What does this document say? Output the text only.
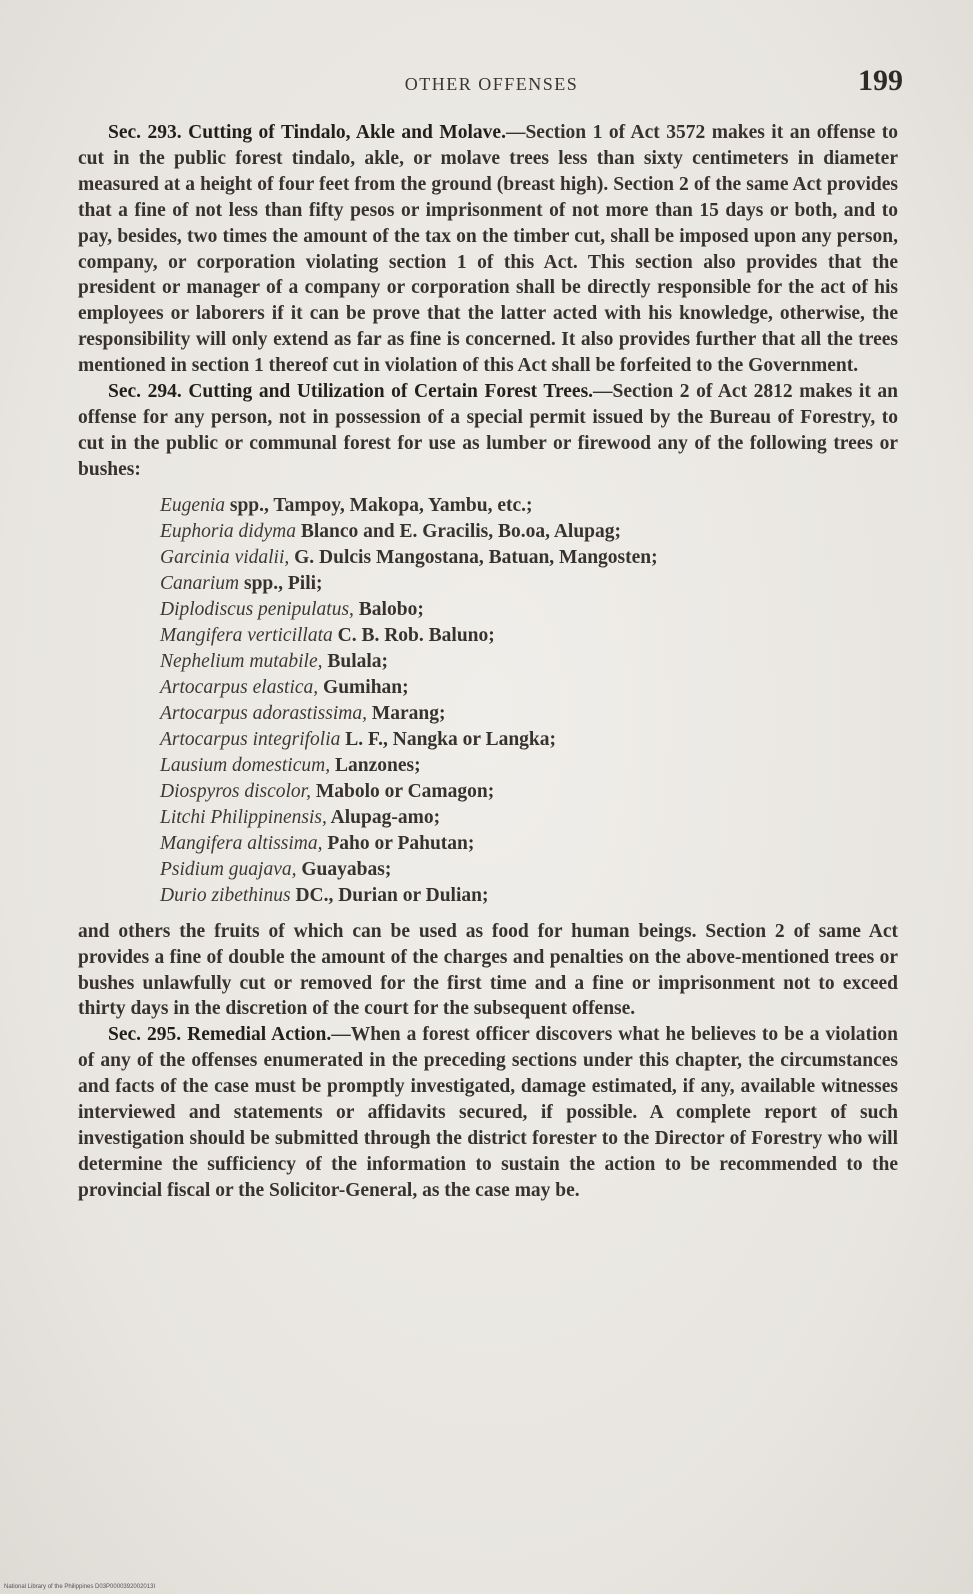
OTHER OFFENSES	199

Sec. 293. Cutting of Tindalo, Akle and Molave.—Section 1 of Act 3572 makes it an offense to cut in the public forest tindalo, akle, or molave trees less than sixty centimeters in diameter measured at a height of four feet from the ground (breast high). Section 2 of the same Act provides that a fine of not less than fifty pesos or imprisonment of not more than 15 days or both, and to pay, besides, two times the amount of the tax on the timber cut, shall be imposed upon any person, company, or corporation violating section 1 of this Act. This section also provides that the president or manager of a company or corporation shall be directly responsible for the act of his employees or laborers if it can be prove that the latter acted with his knowledge, otherwise, the responsibility will only extend as far as fine is concerned. It also provides further that all the trees mentioned in section 1 thereof cut in violation of this Act shall be forfeited to the Government.

Sec. 294. Cutting and Utilization of Certain Forest Trees.—Section 2 of Act 2812 makes it an offense for any person, not in possession of a special permit issued by the Bureau of Forestry, to cut in the public or communal forest for use as lumber or firewood any of the following trees or bushes:

Eugenia spp., Tampoy, Makopa, Yambu, etc.;
Euphoria didyma Blanco and E. Gracilis, Bo.oa, Alupag;
Garcinia vidalii, G. Dulcis Mangostana, Batuan, Mangosten;
Canarium spp., Pili;
Diplodiscus penipulatus, Balobo;
Mangifera verticillata C. B. Rob. Baluno;
Nephelium mutabile, Bulala;
Artocarpus elastica, Gumihan;
Artocarpus adorastissima, Marang;
Artocarpus integrifolia L. F., Nangka or Langka;
Lausium domesticum, Lanzones;
Diospyros discolor, Mabolo or Camagon;
Litchi Philippinensis, Alupag-amo;
Mangifera altissima, Paho or Pahutan;
Psidium guajava, Guayabas;
Durio zibethinus DC., Durian or Dulian;

and others the fruits of which can be used as food for human beings. Section 2 of same Act provides a fine of double the amount of the charges and penalties on the above-mentioned trees or bushes unlawfully cut or removed for the first time and a fine or imprisonment not to exceed thirty days in the discretion of the court for the subsequent offense.

Sec. 295. Remedial Action.—When a forest officer discovers what he believes to be a violation of any of the offenses enumerated in the preceding sections under this chapter, the circumstances and facts of the case must be promptly investigated, damage estimated, if any, available witnesses interviewed and statements or affidavits secured, if possible. A complete report of such investigation should be submitted through the district forester to the Director of Forestry who will determine the sufficiency of the information to sustain the action to be recommended to the provincial fiscal or the Solicitor-General, as the case may be.

National Library of the Philippines D03P0000392002013I
